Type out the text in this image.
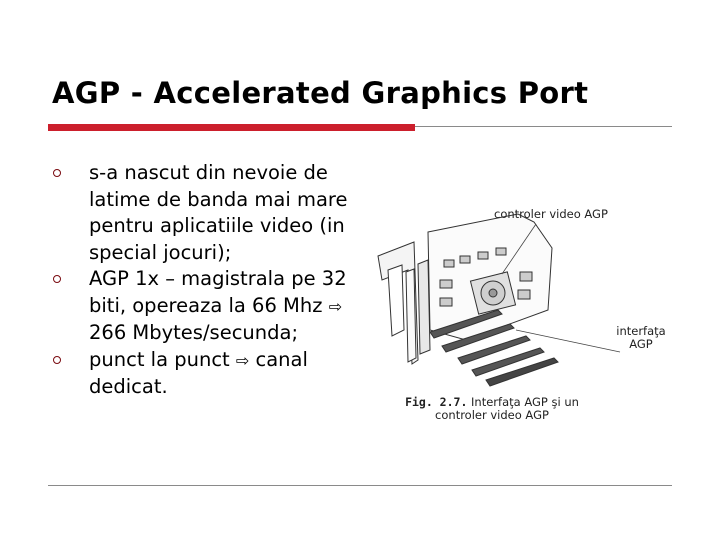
AGP - Accelerated Graphics Port
s-a nascut din nevoie de latime de banda mai mare pentru aplicatiile video (in special jocuri);
AGP 1x – magistrala pe 32 biti, opereaza la 66 Mhz ⇨ 266 Mbytes/secunda;
punct la punct ⇨ canal dedicat.
controler video AGP
interfaţa AGP
Fig. 2.7. Interfaţa AGP şi un controler video AGP
